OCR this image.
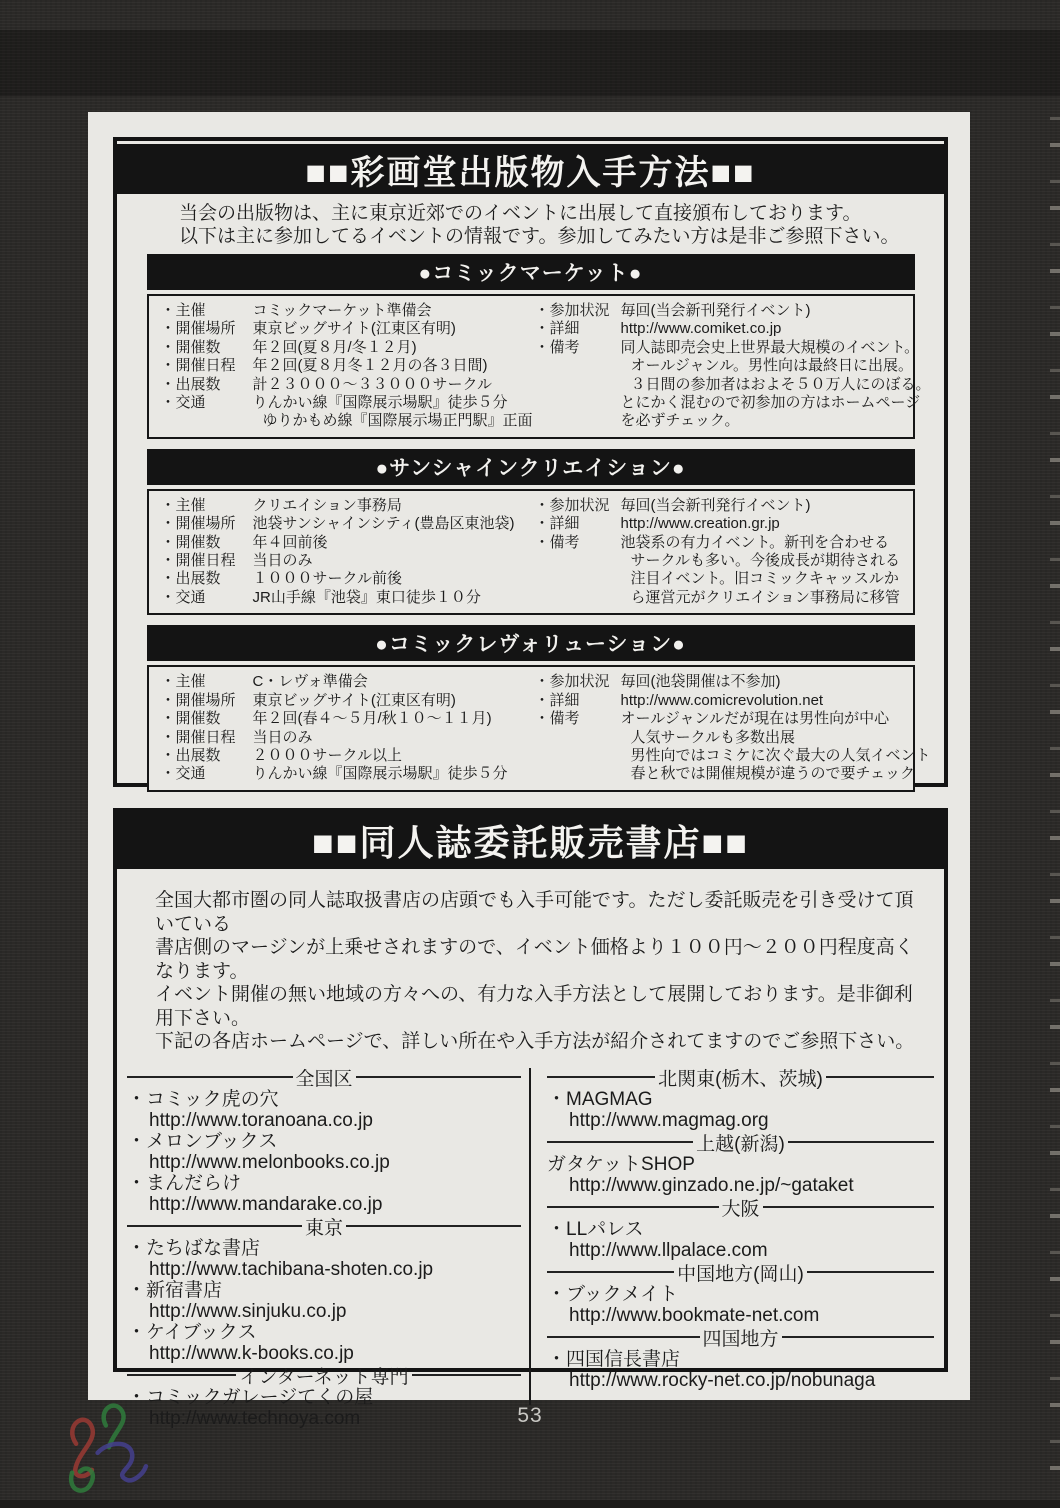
■■彩画堂出版物入手方法■■
当会の出版物は、主に東京近郊でのイベントに出展して直接頒布しております。
以下は主に参加してるイベントの情報です。参加してみたい方は是非ご参照下さい。
●コミックマーケット●
・主催	コミックマーケット準備会
・開催場所	東京ビッグサイト(江東区有明)
・開催数	年２回(夏８月/冬１２月)
・開催日程	年２回(夏８月冬１２月の各３日間)
・出展数	計２３０００～３３０００サークル
・交通	りんかい線『国際展示場駅』徒歩５分
ゆりかもめ線『国際展示場正門駅』正面
・参加状況 毎回(当会新刊発行イベント)
・詳細	http://www.comiket.co.jp
・備考	同人誌即売会史上世界最大規模のイベント。
オールジャンル。男性向は最終日に出展。
３日間の参加者はおよそ５０万人にのぼる。
とにかく混むので初参加の方はホームページ
を必ずチェック。
●サンシャインクリエイション●
・主催	クリエイション事務局
・開催場所	池袋サンシャインシティ(豊島区東池袋)
・開催数	年４回前後
・開催日程	当日のみ
・出展数	１０００サークル前後
・交通	JR山手線『池袋』東口徒歩１０分
・参加状況 毎回(当会新刊発行イベント)
・詳細	http://www.creation.gr.jp
・備考	池袋系の有力イベント。新刊を合わせる
サークルも多い。今後成長が期待される
注目イベント。旧コミックキャッスルか
ら運営元がクリエイション事務局に移管
●コミックレヴォリューション●
・主催	C・レヴォ準備会
・開催場所	東京ビッグサイト(江東区有明)
・開催数	年２回(春４～５月/秋１０～１１月)
・開催日程	当日のみ
・出展数	２０００サークル以上
・交通	りんかい線『国際展示場駅』徒歩５分
・参加状況 毎回(池袋開催は不参加)
・詳細	http://www.comicrevolution.net
・備考	オールジャンルだが現在は男性向が中心
人気サークルも多数出展
男性向ではコミケに次ぐ最大の人気イベント
春と秋では開催規模が違うので要チェック
■■同人誌委託販売書店■■
全国大都市圏の同人誌取扱書店の店頭でも入手可能です。ただし委託販売を引き受けて頂いている
書店側のマージンが上乗せされますので、イベント価格より１００円～２００円程度高くなります。
イベント開催の無い地域の方々への、有力な入手方法として展開しております。是非御利用下さい。
下記の各店ホームページで、詳しい所在や入手方法が紹介されてますのでご参照下さい。
全国区
・コミック虎の穴
http://www.toranoana.co.jp
・メロンブックス
http://www.melonbooks.co.jp
・まんだらけ
http://www.mandarake.co.jp
東京
・たちばな書店
http://www.tachibana-shoten.co.jp
・新宿書店
http://www.sinjuku.co.jp
・ケイブックス
http://www.k-books.co.jp
インターネット専門
・コミックガレージてくの屋
http://www.technoya.com
北関東(栃木、茨城)
・MAGMAG
http://www.magmag.org
上越(新潟)
ガタケットSHOP
http://www.ginzado.ne.jp/~gataket
大阪
・LLパレス
http://www.llpalace.com
中国地方(岡山)
・ブックメイト
http://www.bookmate-net.com
四国地方
・四国信長書店
http://www.rocky-net.co.jp/nobunaga
53
